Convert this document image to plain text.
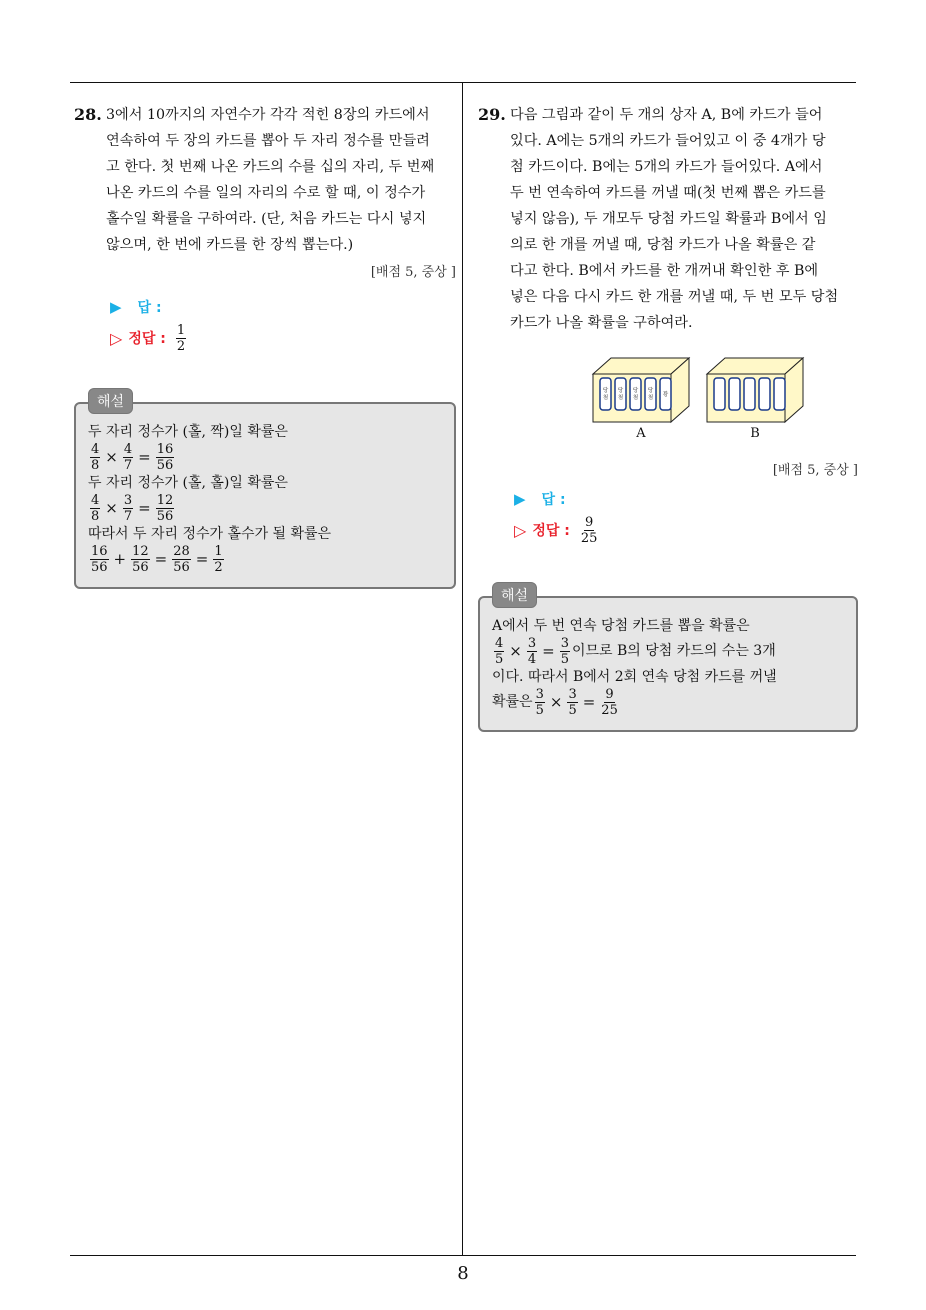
28. 3에서 10까지의 자연수가 각각 적힌 8장의 카드에서

연속하여 두 장의 카드를 뽑아 두 자리 정수를 만들려

고 한다. 첫 번째 나온 카드의 수를 십의 자리, 두 번째

나온 카드의 수를 일의 자리의 수로 할 때, 이 정수가

홀수일 확률을 구하여라. (단, 처음 카드는 다시 넣지

않으며, 한 번에 카드를 한 장씩 뽑는다.)

[배점 5, 중상 ]
▶ 답 :
▷ 정답 : $\frac{1}{2}$
해설
두 자리 정수가 (홀, 짝)일 확률은
$\frac{4}{8} \times \frac{4}{7} = \frac{16}{56}$
두 자리 정수가 (홀, 홀)일 확률은
$\frac{4}{8} \times \frac{3}{7} = \frac{12}{56}$
따라서 두 자리 정수가 홀수가 될 확률은
$\frac{16}{56} + \frac{12}{56} = \frac{28}{56} = \frac{1}{2}$
29. 다음 그림과 같이 두 개의 상자 A, B에 카드가 들어

있다. A에는 5개의 카드가 들어있고 이 중 4개가 당

첨 카드이다. B에는 5개의 카드가 들어있다. A에서

두 번 연속하여 카드를 꺼낼 때(첫 번째 뽑은 카드를

넣지 않음), 두 개모두 당첨 카드일 확률과 B에서 임

의로 한 개를 꺼낼 때, 당첨 카드가 나올 확률은 같

다고 한다. B에서 카드를 한 개꺼내 확인한 후 B에

넣은 다음 다시 카드 한 개를 꺼낼 때, 두 번 모두 당첨

카드가 나올 확률을 구하여라.

당
첨
당
첨
당
첨
당
첨 꽝
A	B
[배점 5, 중상 ]
▶ 답 :
▷ 정답 : $\frac{9}{25}$
해설
A에서 두 번 연속 당첨 카드를 뽑을 확률은
$\frac{4}{5} \times \frac{3}{4} = \frac{3}{5}$ 이므로 B의 당첨 카드의 수는 3개
이다. 따라서 B에서 2회 연속 당첨 카드를 꺼낼
확률은 $\frac{3}{5} \times \frac{3}{5} = \frac{9}{25}$
8
